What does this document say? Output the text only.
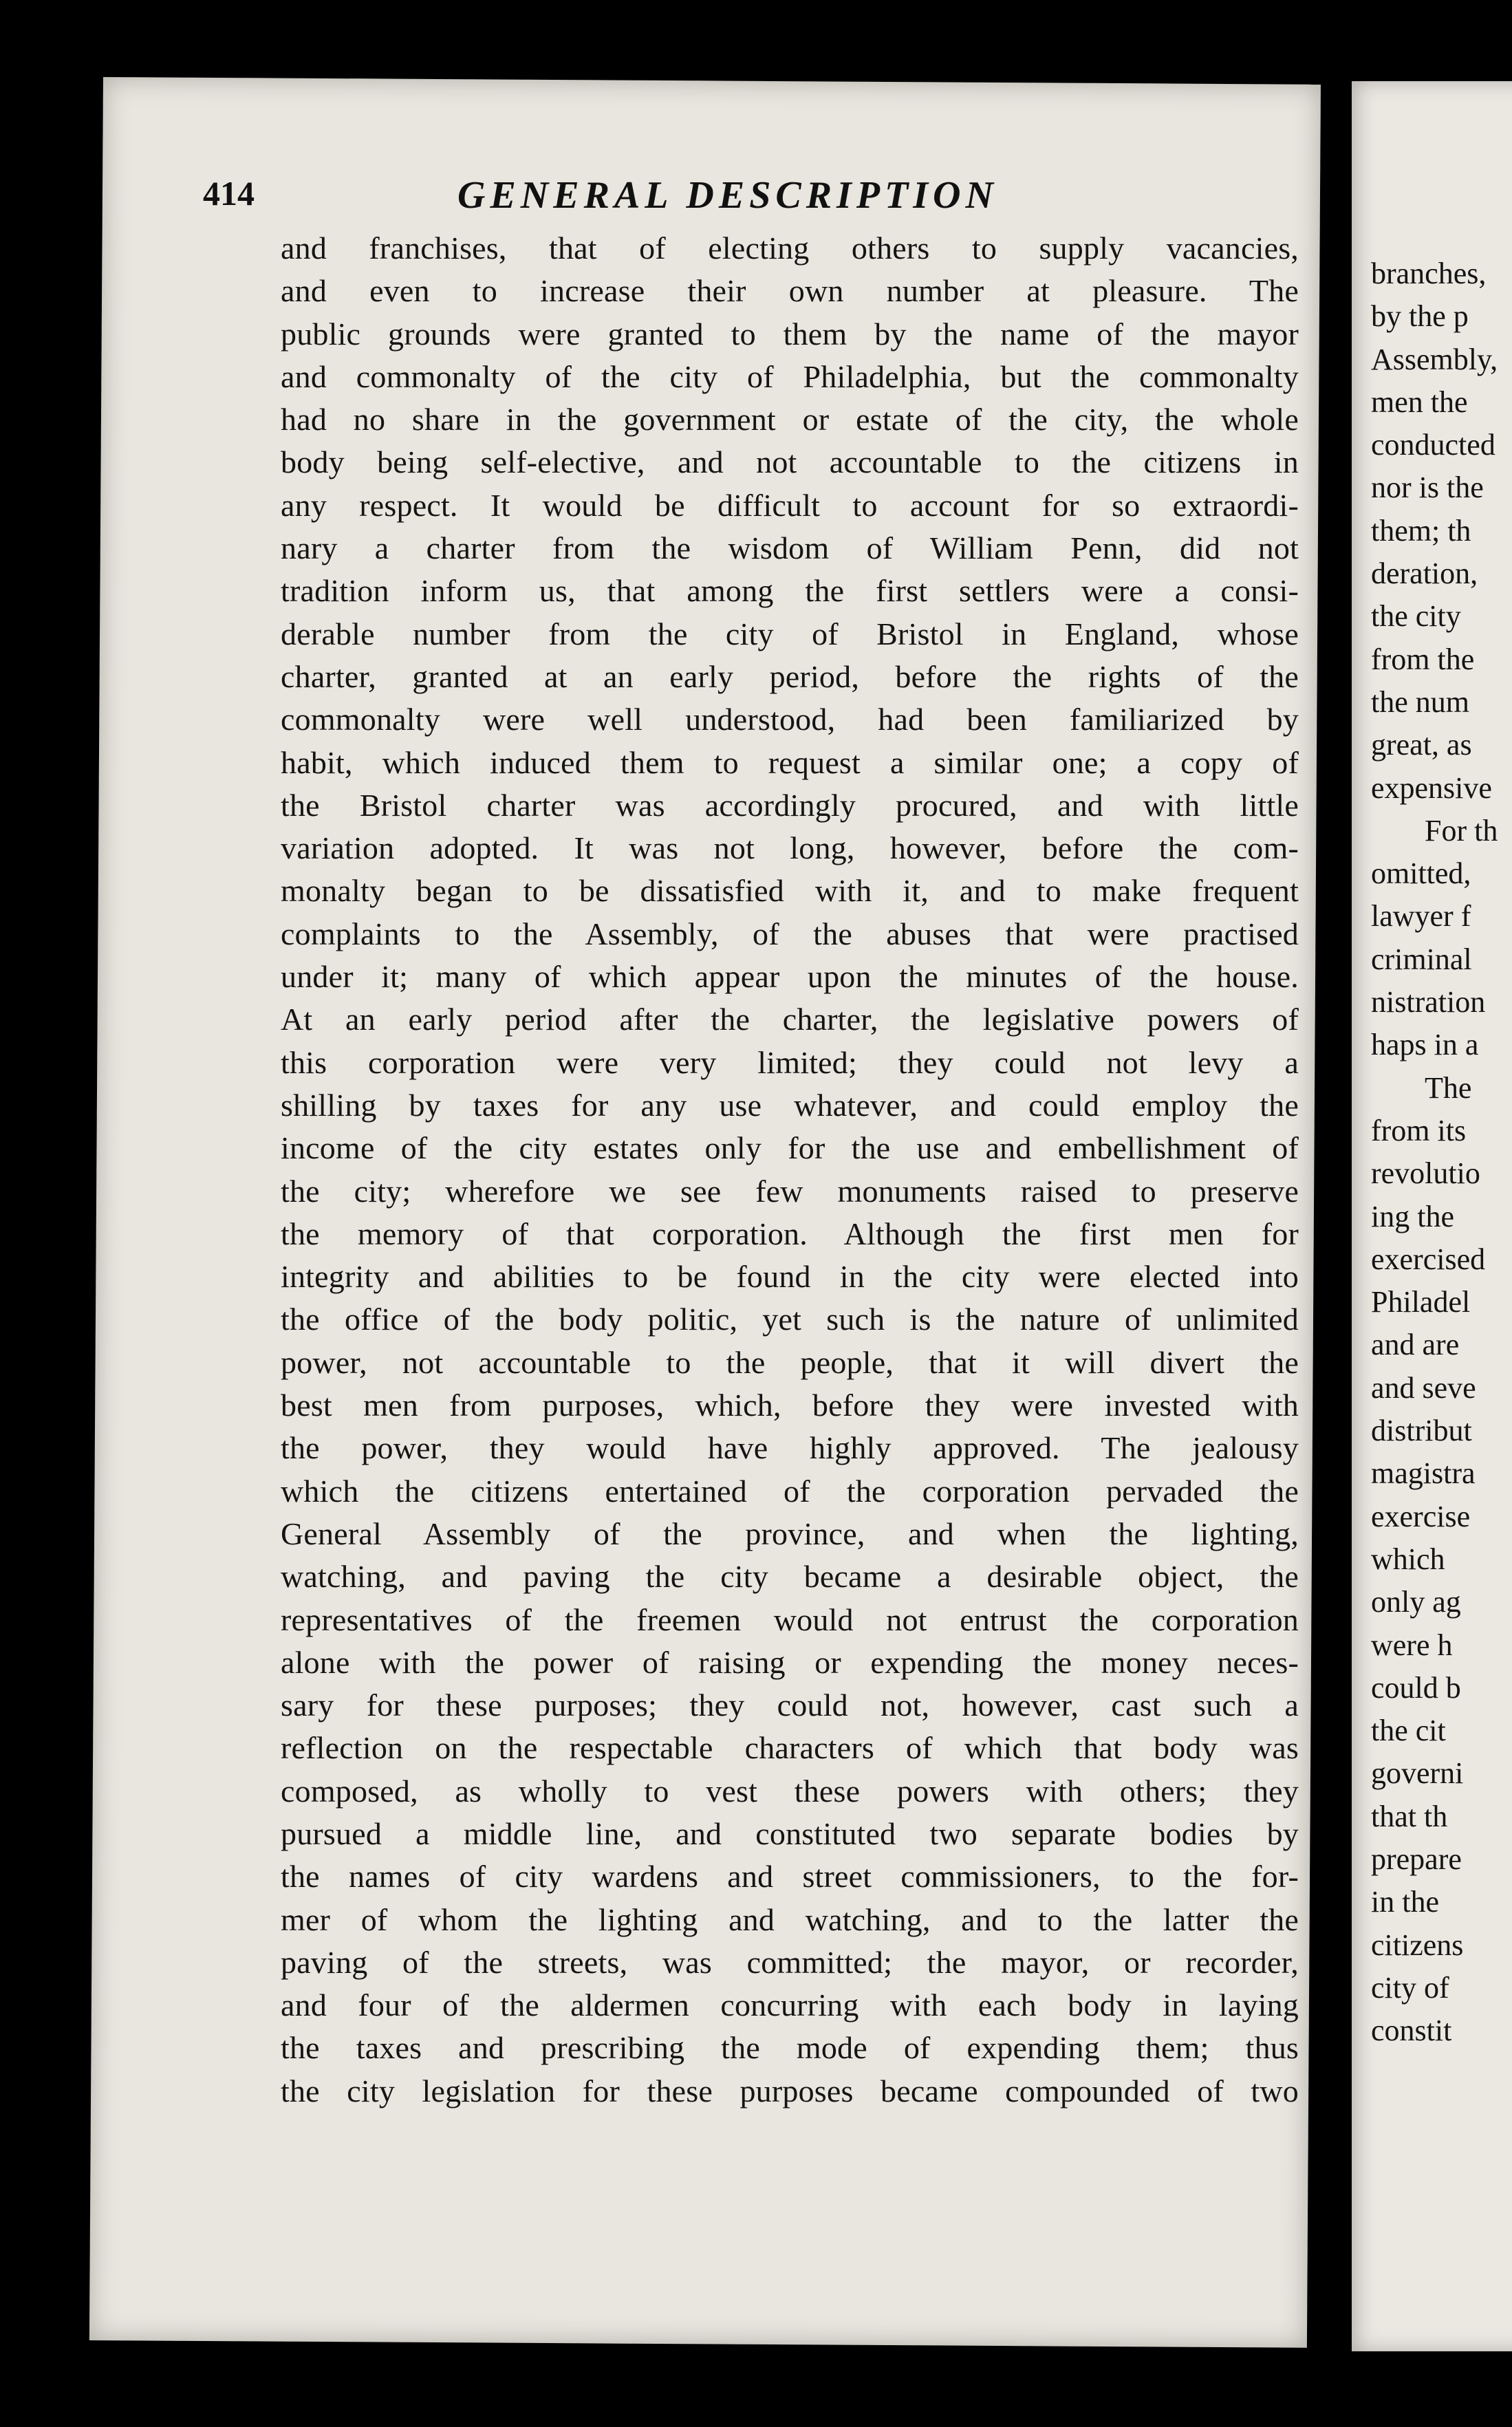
414	GENERAL DESCRIPTION
and franchises, that of electing others to supply vacancies,
and even to increase their own number at pleasure. The
public grounds were granted to them by the name of the mayor
and commonalty of the city of Philadelphia, but the commonalty
had no share in the government or estate of the city, the whole
body being self-elective, and not accountable to the citizens in
any respect. It would be difficult to account for so extraordi-
nary a charter from the wisdom of William Penn, did not
tradition inform us, that among the first settlers were a consi-
derable number from the city of Bristol in England, whose
charter, granted at an early period, before the rights of the
commonalty were well understood, had been familiarized by
habit, which induced them to request a similar one; a copy of
the Bristol charter was accordingly procured, and with little
variation adopted. It was not long, however, before the com-
monalty began to be dissatisfied with it, and to make frequent
complaints to the Assembly, of the abuses that were practised
under it; many of which appear upon the minutes of the house.
At an early period after the charter, the legislative powers of
this corporation were very limited; they could not levy a
shilling by taxes for any use whatever, and could employ the
income of the city estates only for the use and embellishment of
the city; wherefore we see few monuments raised to preserve
the memory of that corporation. Although the first men for
integrity and abilities to be found in the city were elected into
the office of the body politic, yet such is the nature of unlimited
power, not accountable to the people, that it will divert the
best men from purposes, which, before they were invested with
the power, they would have highly approved. The jealousy
which the citizens entertained of the corporation pervaded the
General Assembly of the province, and when the lighting,
watching, and paving the city became a desirable object, the
representatives of the freemen would not entrust the corporation
alone with the power of raising or expending the money neces-
sary for these purposes; they could not, however, cast such a
reflection on the respectable characters of which that body was
composed, as wholly to vest these powers with others; they
pursued a middle line, and constituted two separate bodies by
the names of city wardens and street commissioners, to the for-
mer of whom the lighting and watching, and to the latter the
paving of the streets, was committed; the mayor, or recorder,
and four of the aldermen concurring with each body in laying
the taxes and prescribing the mode of expending them; thus
the city legislation for these purposes became compounded of two
branches,
by the p
Assembly,
men the
conducted
nor is the
them; th
deration,
the city
from the
the num
great, as
expensive
For th
omitted,
lawyer f
criminal
nistration
haps in a
The
from its
revolutio
ing the
exercised
Philadel
and are
and seve
distribut
magistra
exercise
which
only ag
were h
could b
the cit
governi
that th
prepare
in the
citizens
city of
constit
